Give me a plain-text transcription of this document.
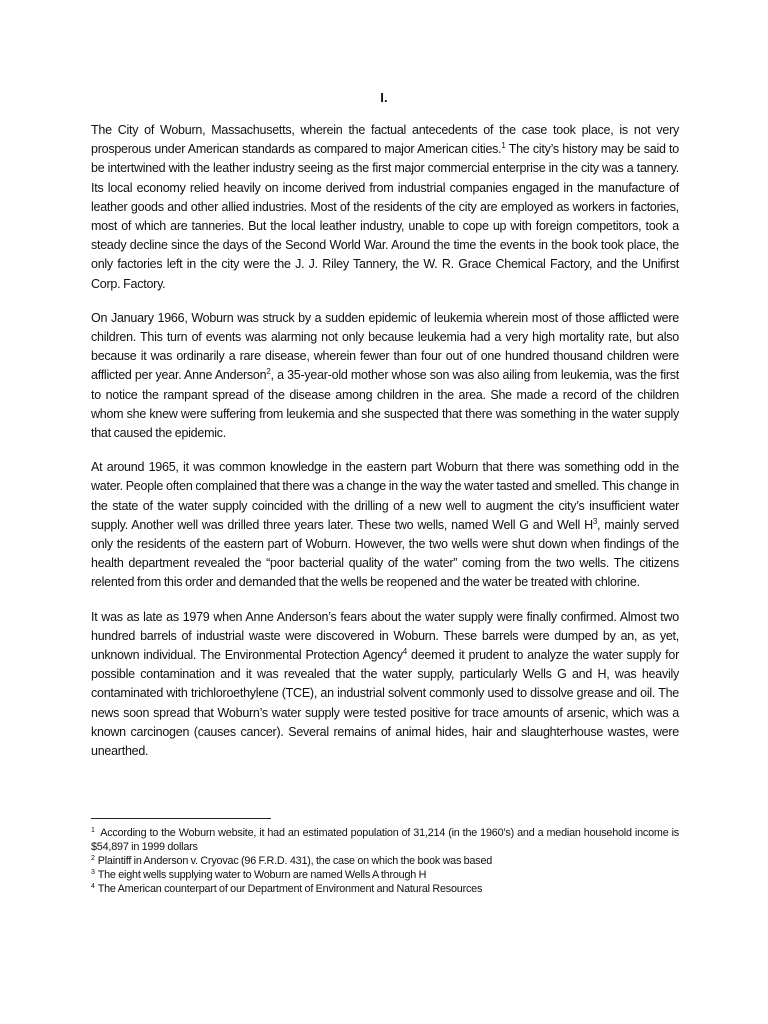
I.

The City of Woburn, Massachusetts, wherein the factual antecedents of the case took place, is not very prosperous under American standards as compared to major American cities.$^1$ The city’s history may be said to be intertwined with the leather industry seeing as the first major commercial enterprise in the city was a tannery. Its local economy relied heavily on income derived from industrial companies engaged in the manufacture of leather goods and other allied industries. Most of the residents of the city are employed as workers in factories, most of which are tanneries. But the local leather industry, unable to cope up with foreign competitors, took a steady decline since the days of the Second World War. Around the time the events in the book took place, the only factories left in the city were the J. J. Riley Tannery, the W. R. Grace Chemical Factory, and the Unifirst Corp. Factory.

On January 1966, Woburn was struck by a sudden epidemic of leukemia wherein most of those afflicted were children. This turn of events was alarming not only because leukemia had a very high mortality rate, but also because it was ordinarily a rare disease, wherein fewer than four out of one hundred thousand children were afflicted per year. Anne Anderson$^2$, a 35-year-old mother whose son was also ailing from leukemia, was the first to notice the rampant spread of the disease among children in the area. She made a record of the children whom she knew were suffering from leukemia and she suspected that there was something in the water supply that caused the epidemic.

At around 1965, it was common knowledge in the eastern part Woburn that there was something odd in the water. People often complained that there was a change in the way the water tasted and smelled. This change in the state of the water supply coincided with the drilling of a new well to augment the city’s insufficient water supply. Another well was drilled three years later. These two wells, named Well G and Well $H^3$, mainly served only the residents of the eastern part of Woburn. However, the two wells were shut down when findings of the health department revealed the “poor bacterial quality of the water” coming from the two wells. The citizens relented from this order and demanded that the wells be reopened and the water be treated with chlorine.

It was as late as 1979 when Anne Anderson’s fears about the water supply were finally confirmed. Almost two hundred barrels of industrial waste were discovered in Woburn. These barrels were dumped by an, as yet, unknown individual. The Environmental Protection Agency$^4$ deemed it prudent to analyze the water supply for possible contamination and it was revealed that the water supply, particularly Wells G and H, was heavily contaminated with trichloroethylene (TCE), an industrial solvent commonly used to dissolve grease and oil. The news soon spread that Woburn’s water supply were tested positive for trace amounts of arsenic, which was a known carcinogen (causes cancer). Several remains of animal hides, hair and slaughterhouse wastes, were unearthed.

$^1$ According to the Woburn website, it had an estimated population of 31,214 (in the 1960’s) and a median household income is $54,897 in 1999 dollars

$^2$ Plaintiff in Anderson v. Cryovac (96 F.R.D. 431), the case on which the book was based

$^3$ The eight wells supplying water to Woburn are named Wells A through H

$^4$ The American counterpart of our Department of Environment and Natural Resources
